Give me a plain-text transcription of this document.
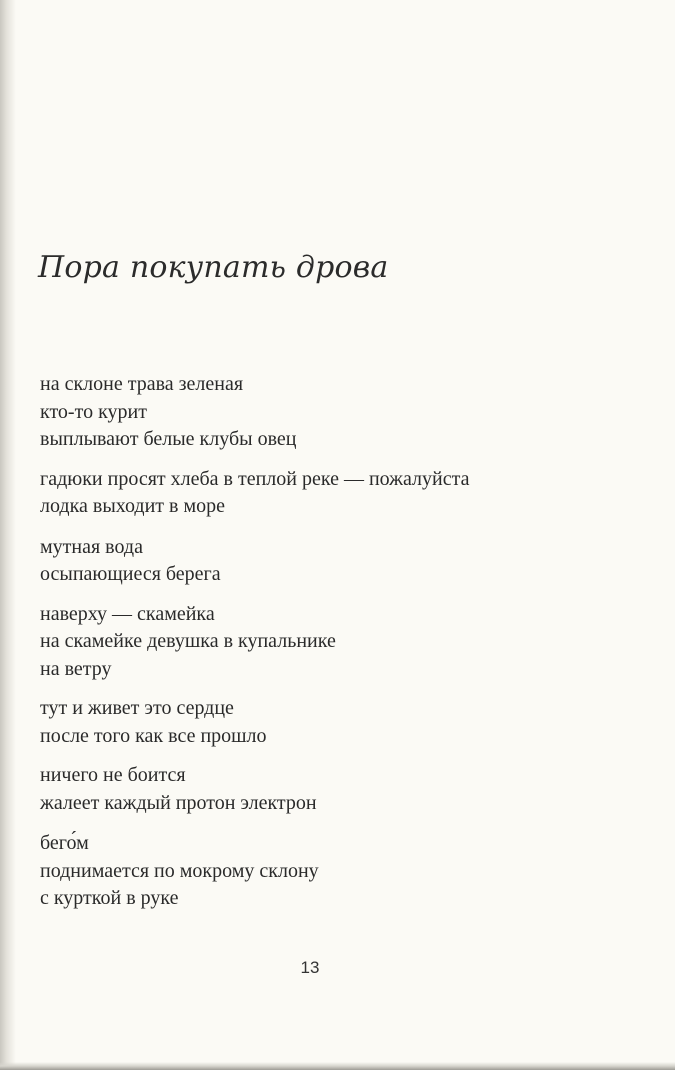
Пора покупать дрова

на склоне трава зеленая
кто-то курит
выплывают белые клубы овец

гадюки просят хлеба в теплой реке — пожалуйста
лодка выходит в море

мутная вода
осыпающиеся берега

наверху — скамейка
на скамейке девушка в купальнике
на ветру

тут и живет это сердце
после того как все прошло

ничего не боится
жалеет каждый протон электрон

бего́м
поднимается по мокрому склону
с курткой в руке

13
